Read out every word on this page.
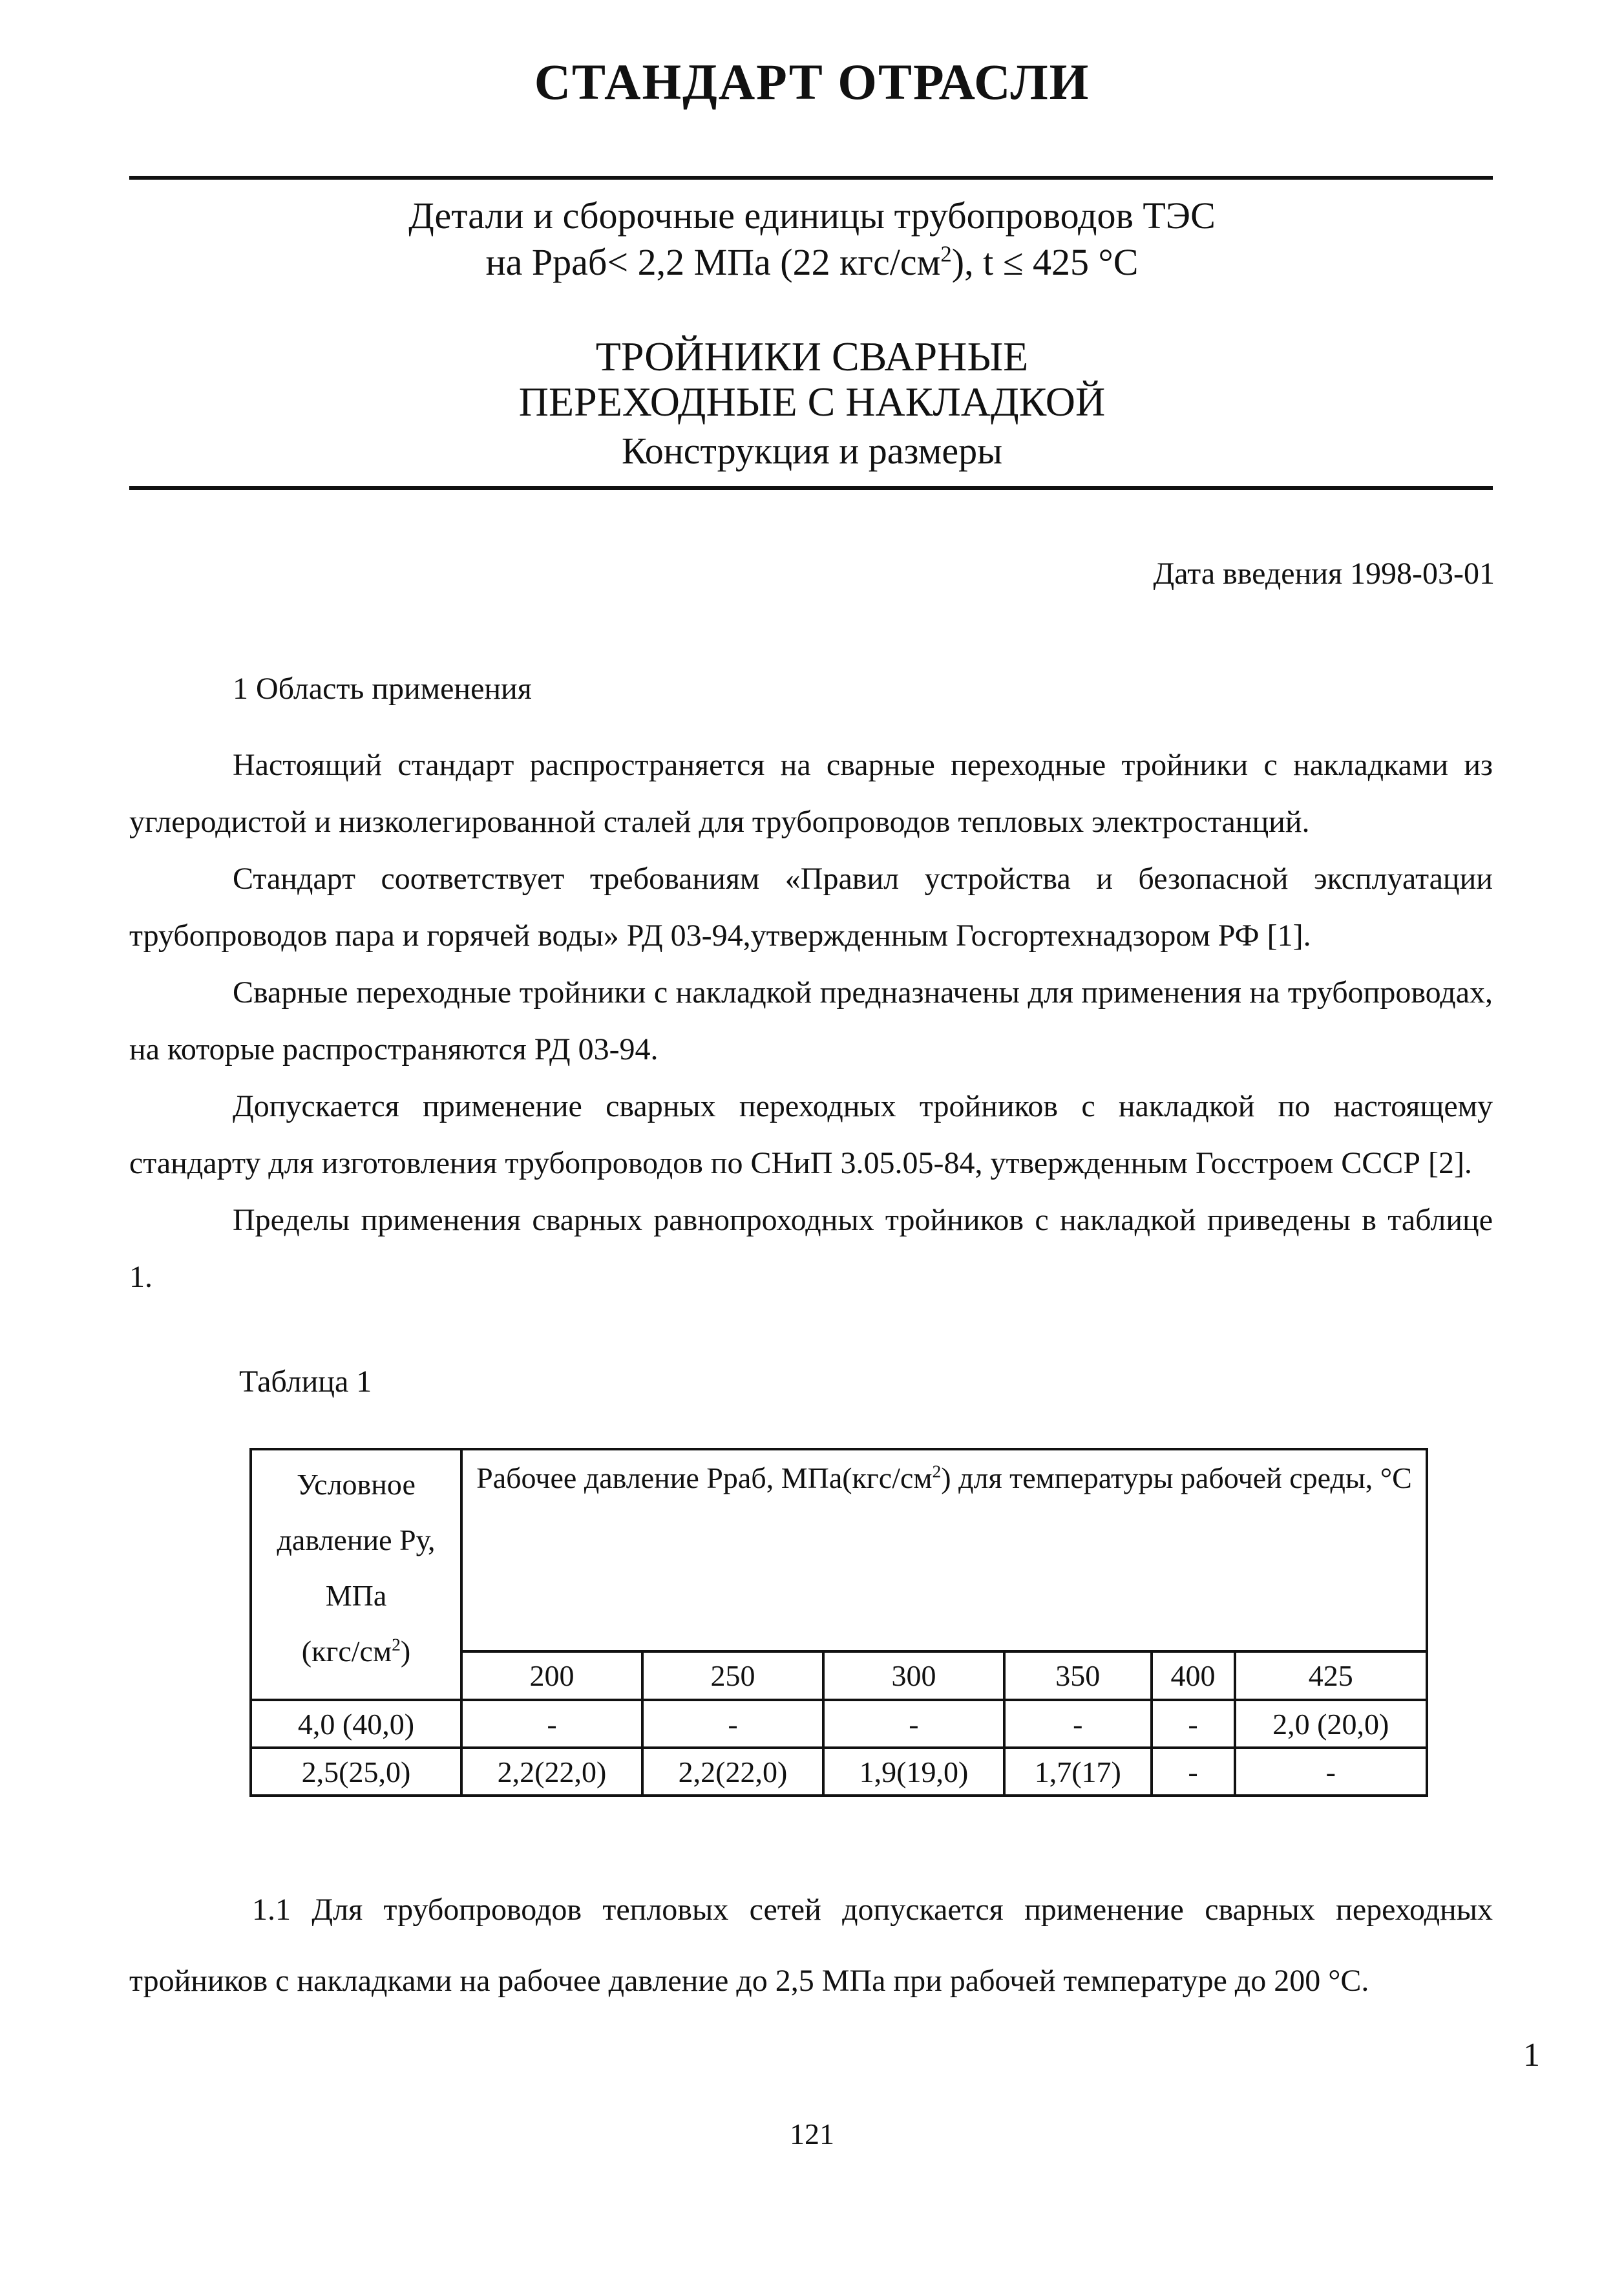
СТАНДАРТ ОТРАСЛИ
Детали и сборочные единицы трубопроводов ТЭС
на Рраб< 2,2 МПа (22 кгс/$см^2$), t ≤ 425 °С
ТРОЙНИКИ СВАРНЫЕ
ПЕРЕХОДНЫЕ С НАКЛАДКОЙ
Конструкция и размеры
Дата введения 1998-03-01
1 Область применения

Настоящий стандарт распространяется на сварные переходные тройники с накладками из углеродистой и низколегированной сталей для трубопроводов тепловых электростанций.

Стандарт соответствует требованиям «Правил устройства и безопасной эксплуатации трубопроводов пара и горячей воды» РД 03-94,утвержденным Госгортехнадзором РФ [1].

Сварные переходные тройники с накладкой предназначены для применения на трубопроводах, на которые распространяются РД 03-94.

Допускается применение сварных переходных тройников с накладкой по настоящему стандарту для изготовления трубопроводов по СНиП 3.05.05-84, утвержденным Госстроем СССР [2].

Пределы применения сварных равнопроходных тройников с накладкой приведены в таблице 1.

Таблица 1
Условное
давление Ру,
МПа
$(кгс/см^2)$	Рабочее давление Рраб, $МПа(кгс/см^2)$ для температуры рабочей среды, °С					
	200	250	300	350	400	425
4,0 (40,0)	-	-	-	-	-	2,0 (20,0)
2,5(25,0)	2,2(22,0)	2,2(22,0)	1,9(19,0)	1,7(17)	-	-

1.1 Для трубопроводов тепловых сетей допускается применение сварных переходных тройников с накладками на рабочее давление до 2,5 МПа при рабочей температуре до 200 °С.

1
121
